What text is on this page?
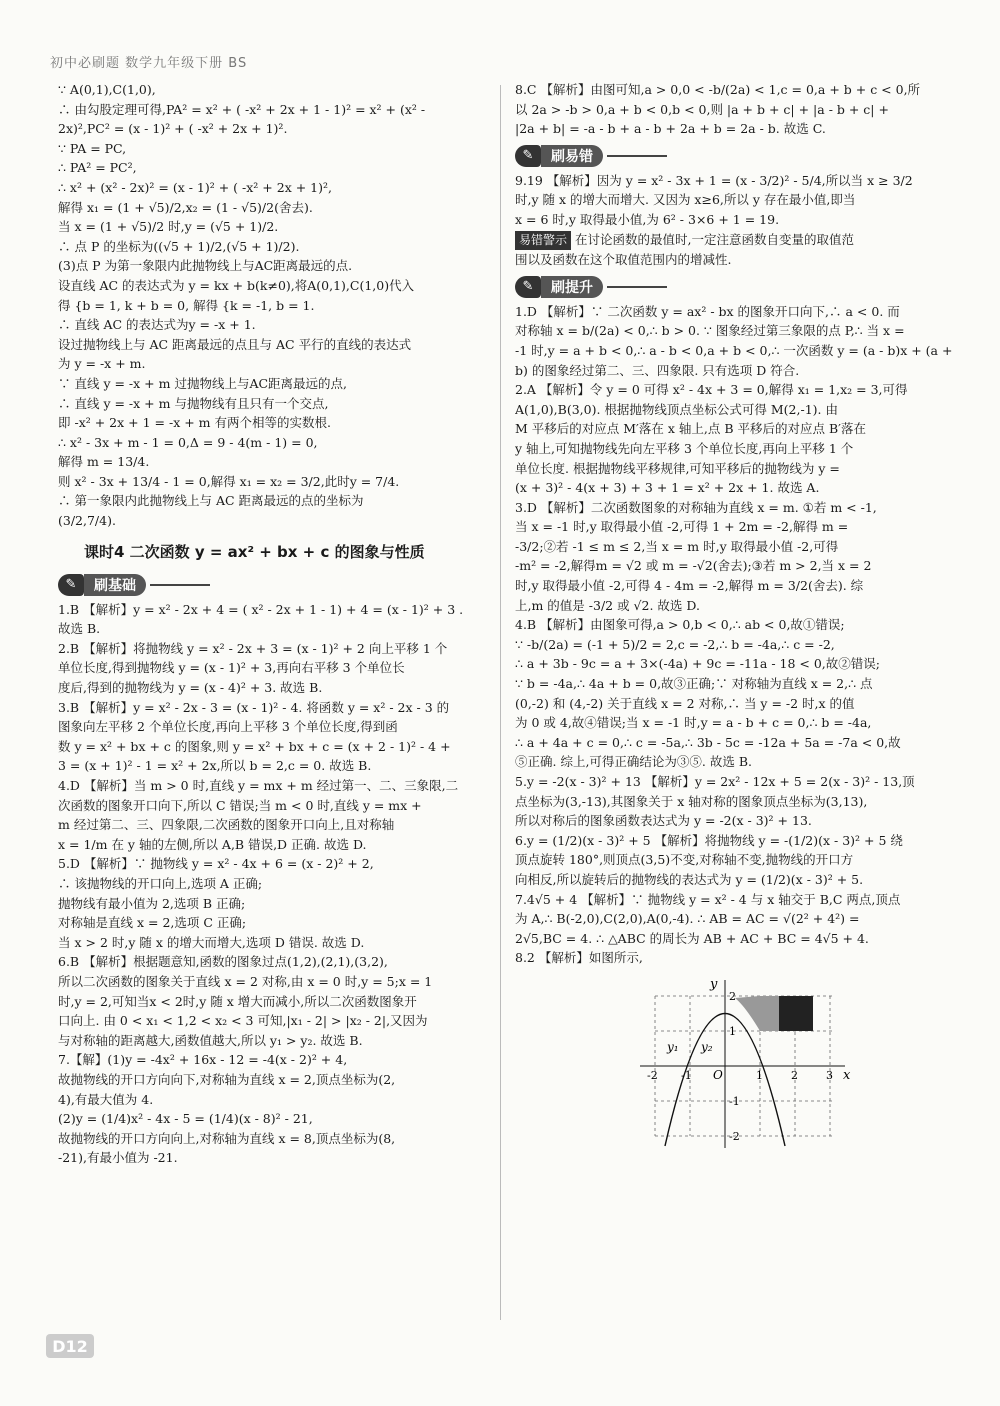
初中必刷题 数学九年级下册 BS
∵ A(0,1),C(1,0),
∴ 由勾股定理可得,PA² = x² + ( -x² + 2x + 1 - 1)² = x² + (x² -
2x)²,PC² = (x - 1)² + ( -x² + 2x + 1)².
∵ PA = PC,
∴ PA² = PC²,
∴ x² + (x² - 2x)² = (x - 1)² + ( -x² + 2x + 1)²,
解得 x₁ = (1 + √5)/2,x₂ = (1 - √5)/2(舍去).
当 x = (1 + √5)/2 时,y = (√5 + 1)/2.
∴ 点 P 的坐标为((√5 + 1)/2,(√5 + 1)/2).
(3)点 P 为第一象限内此抛物线上与AC距离最远的点.
设直线 AC 的表达式为 y = kx + b(k≠0),将A(0,1),C(1,0)代入
得 {b = 1, k + b = 0, 解得 {k = -1, b = 1.
∴ 直线 AC 的表达式为y = -x + 1.
设过抛物线上与 AC 距离最远的点且与 AC 平行的直线的表达式
为 y = -x + m.
∵ 直线 y = -x + m 过抛物线上与AC距离最远的点,
∴ 直线 y = -x + m 与抛物线有且只有一个交点,
即 -x² + 2x + 1 = -x + m 有两个相等的实数根.
∴ x² - 3x + m - 1 = 0,Δ = 9 - 4(m - 1) = 0,
解得 m = 13/4.
则 x² - 3x + 13/4 - 1 = 0,解得 x₁ = x₂ = 3/2,此时y = 7/4.
∴ 第一象限内此抛物线上与 AC 距离最远的点的坐标为
(3/2,7/4).
课时4 二次函数 y = ax² + bx + c 的图象与性质
✎	刷基础
1.B 【解析】y = x² - 2x + 4 = ( x² - 2x + 1 - 1) + 4 = (x - 1)² + 3 .
故选 B.
2.B 【解析】将抛物线 y = x² - 2x + 3 = (x - 1)² + 2 向上平移 1 个
单位长度,得到抛物线 y = (x - 1)² + 3,再向右平移 3 个单位长
度后,得到的抛物线为 y = (x - 4)² + 3. 故选 B.
3.B 【解析】y = x² - 2x - 3 = (x - 1)² - 4. 将函数 y = x² - 2x - 3 的
图象向左平移 2 个单位长度,再向上平移 3 个单位长度,得到函
数 y = x² + bx + c 的图象,则 y = x² + bx + c = (x + 2 - 1)² - 4 +
3 = (x + 1)² - 1 = x² + 2x,所以 b = 2,c = 0. 故选 B.
4.D 【解析】当 m > 0 时,直线 y = mx + m 经过第一、二、三象限,二
次函数的图象开口向下,所以 C 错误;当 m < 0 时,直线 y = mx +
m 经过第二、三、四象限,二次函数的图象开口向上,且对称轴
x = 1/m 在 y 轴的左侧,所以 A,B 错误,D 正确. 故选 D.
5.D 【解析】∵ 抛物线 y = x² - 4x + 6 = (x - 2)² + 2,
∴ 该抛物线的开口向上,选项 A 正确;
抛物线有最小值为 2,选项 B 正确;
对称轴是直线 x = 2,选项 C 正确;
当 x > 2 时,y 随 x 的增大而增大,选项 D 错误. 故选 D.
6.B 【解析】根据题意知,函数的图象过点(1,2),(2,1),(3,2),
所以二次函数的图象关于直线 x = 2 对称,由 x = 0 时,y = 5;x = 1
时,y = 2,可知当x < 2时,y 随 x 增大而减小,所以二次函数图象开
口向上. 由 0 < x₁ < 1,2 < x₂ < 3 可知,|x₁ - 2| > |x₂ - 2|,又因为
与对称轴的距离越大,函数值越大,所以 y₁ > y₂. 故选 B.
7.【解】(1)y = -4x² + 16x - 12 = -4(x - 2)² + 4,
故抛物线的开口方向向下,对称轴为直线 x = 2,顶点坐标为(2,
4),有最大值为 4.
(2)y = (1/4)x² - 4x - 5 = (1/4)(x - 8)² - 21,
故抛物线的开口方向向上,对称轴为直线 x = 8,顶点坐标为(8,
-21),有最小值为 -21.
8.C 【解析】由图可知,a > 0,0 < -b/(2a) < 1,c = 0,a + b + c < 0,所
以 2a > -b > 0,a + b < 0,b < 0,则 |a + b + c| + |a - b + c| +
|2a + b| = -a - b + a - b + 2a + b = 2a - b. 故选 C.
✎	刷易错
9.19 【解析】因为 y = x² - 3x + 1 = (x - 3/2)² - 5/4,所以当 x ≥ 3/2
时,y 随 x 的增大而增大. 又因为 x≥6,所以 y 存在最小值,即当
x = 6 时,y 取得最小值,为 6² - 3×6 + 1 = 19.
易错警示 在讨论函数的最值时,一定注意函数自变量的取值范
围以及函数在这个取值范围内的增减性.
✎	刷提升
1.D 【解析】∵ 二次函数 y = ax² - bx 的图象开口向下,∴ a < 0. 而
对称轴 x = b/(2a) < 0,∴ b > 0. ∵ 图象经过第三象限的点 P,∴ 当 x =
-1 时,y = a + b < 0,∴ a - b < 0,a + b < 0,∴ 一次函数 y = (a - b)x + (a +
b) 的图象经过第二、三、四象限. 只有选项 D 符合.
2.A 【解析】令 y = 0 可得 x² - 4x + 3 = 0,解得 x₁ = 1,x₂ = 3,可得
A(1,0),B(3,0). 根据抛物线顶点坐标公式可得 M(2,-1). 由
M 平移后的对应点 M′落在 x 轴上,点 B 平移后的对应点 B′落在
y 轴上,可知抛物线先向左平移 3 个单位长度,再向上平移 1 个
单位长度. 根据抛物线平移规律,可知平移后的抛物线为 y =
(x + 3)² - 4(x + 3) + 3 + 1 = x² + 2x + 1. 故选 A.
3.D 【解析】二次函数图象的对称轴为直线 x = m. ①若 m < -1,
当 x = -1 时,y 取得最小值 -2,可得 1 + 2m = -2,解得 m =
-3/2;②若 -1 ≤ m ≤ 2,当 x = m 时,y 取得最小值 -2,可得
-m² = -2,解得m = √2 或 m = -√2(舍去);③若 m > 2,当 x = 2
时,y 取得最小值 -2,可得 4 - 4m = -2,解得 m = 3/2(舍去). 综
上,m 的值是 -3/2 或 √2. 故选 D.
4.B 【解析】由图象可得,a > 0,b < 0,∴ ab < 0,故①错误;
∵ -b/(2a) = (-1 + 5)/2 = 2,c = -2,∴ b = -4a,∴ c = -2,
∴ a + 3b - 9c = a + 3×(-4a) + 9c = -11a - 18 < 0,故②错误;
∵ b = -4a,∴ 4a + b = 0,故③正确;∵ 对称轴为直线 x = 2,∴ 点
(0,-2) 和 (4,-2) 关于直线 x = 2 对称,∴ 当 y = -2 时,x 的值
为 0 或 4,故④错误;当 x = -1 时,y = a - b + c = 0,∴ b = -4a,
∴ a + 4a + c = 0,∴ c = -5a,∴ 3b - 5c = -12a + 5a = -7a < 0,故
⑤正确. 综上,可得正确结论为③⑤. 故选 B.
5.y = -2(x - 3)² + 13 【解析】y = 2x² - 12x + 5 = 2(x - 3)² - 13,顶
点坐标为(3,-13),其图象关于 x 轴对称的图象顶点坐标为(3,13),
所以对称后的图象函数表达式为 y = -2(x - 3)² + 13.
6.y = (1/2)(x - 3)² + 5 【解析】将抛物线 y = -(1/2)(x - 3)² + 5 绕
顶点旋转 180°,则顶点(3,5)不变,对称轴不变,抛物线的开口方
向相反,所以旋转后的抛物线的表达式为 y = (1/2)(x - 3)² + 5.
7.4√5 + 4 【解析】∵ 抛物线 y = x² - 4 与 x 轴交于 B,C 两点,顶点
为 A,∴ B(-2,0),C(2,0),A(0,-4). ∴ AB = AC = √(2² + 4²) =
2√5,BC = 4. ∴ △ABC 的周长为 AB + AC + BC = 4√5 + 4.
8.2 【解析】如图所示,
x
y
O
-2 -1	1	2	3
2
1
-1
-2
y₁ y₂
D12
